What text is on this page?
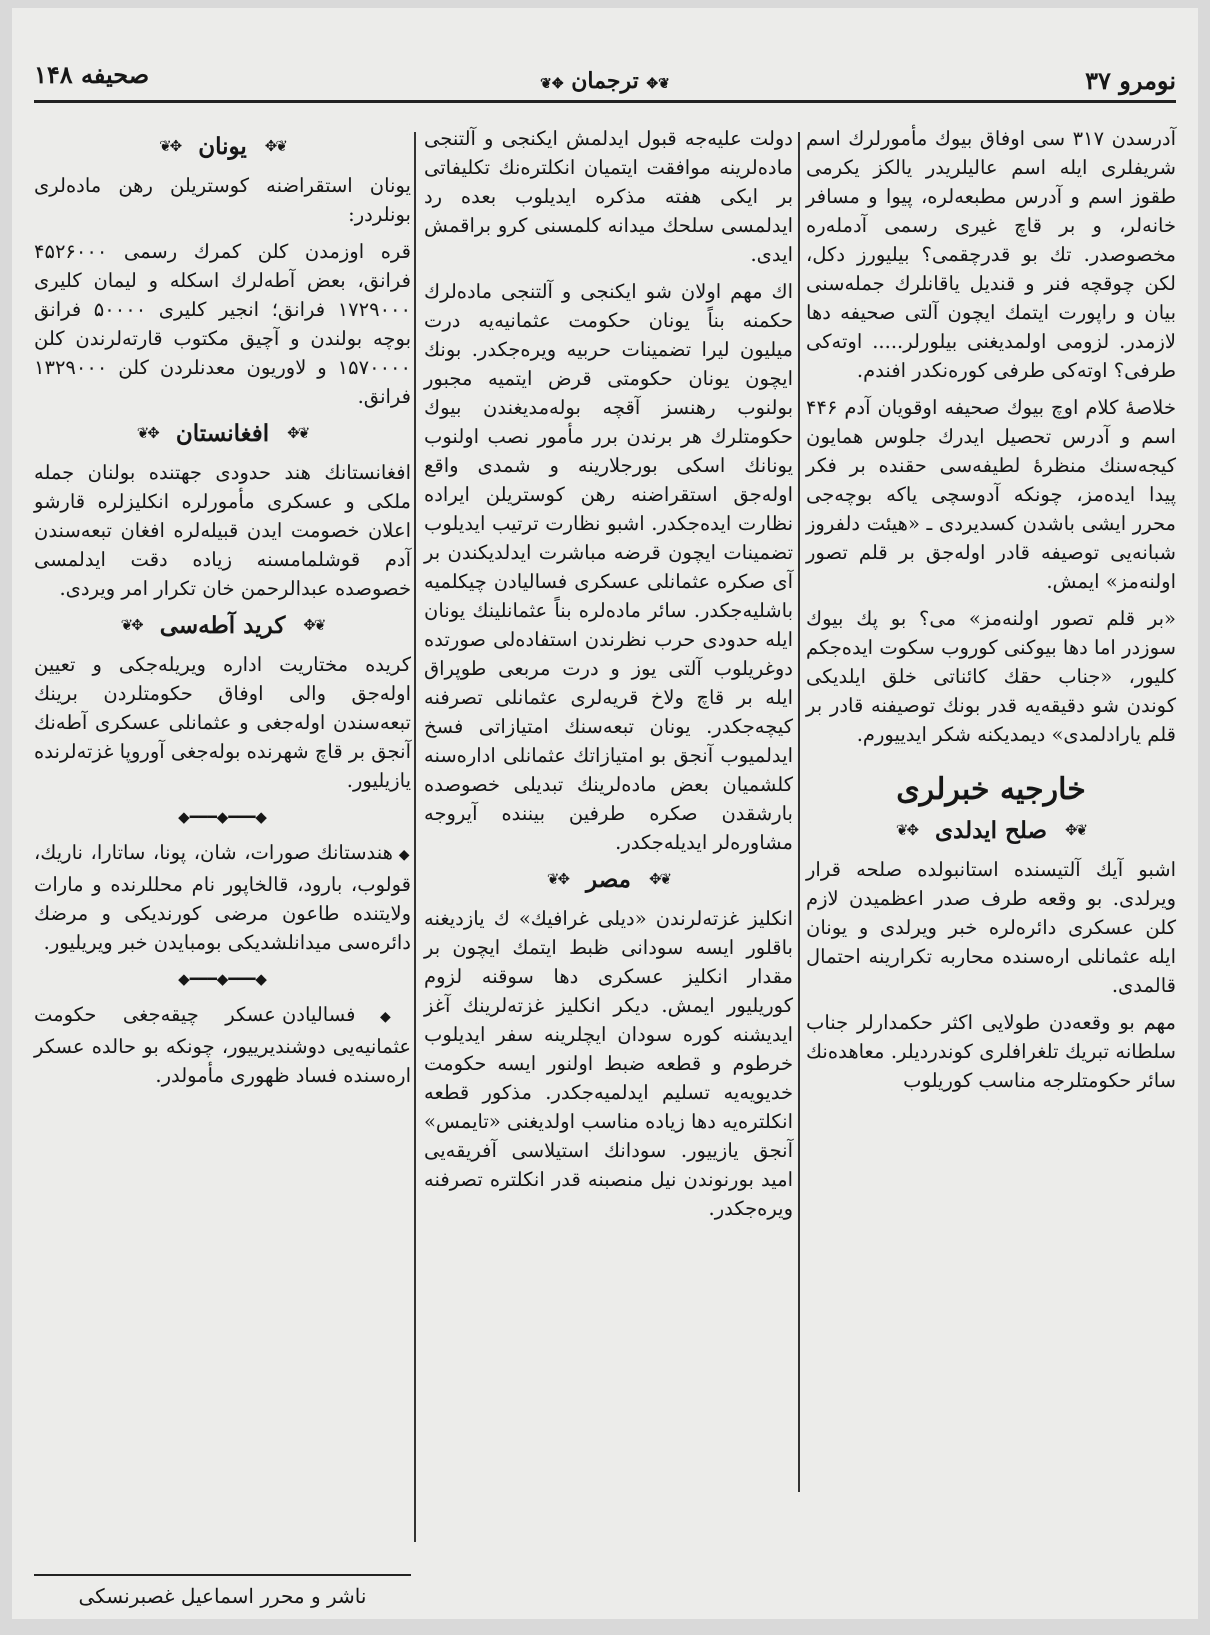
نومرو ۳۷
❦✥ ترجمان ✥❦
صحیفه ۱۴۸

آدرسدن ۳۱۷ سی اوفاق بیوك مأمورلرك اسم شریفلری ایله اسم عالیلریدر یالکز یکرمی طقوز اسم و آدرس مطبعه‌لره، پیوا و مسافر خانه‌لر، و بر قاچ غیری رسمی آدمله‌ره مخصوصدر. تك بو قدرچقمی؟ بیلیورز دکل، لکن چوقچه فنر و قندیل یاقانلرك جمله‌سنی بیان و راپورت ایتمك ایچون آلتی صحیفه دها لازمدر. لزومی اولمدیغنی بیلورلر..... اوته‌کی طرفی؟ اوته‌کی طرفی کوره‌نکدر افندم.

خلاصهٔ کلام اوچ بیوك صحیفه اوقویان آدم ۴۴۶ اسم و آدرس تحصیل ایدرك جلوس همایون کیجه‌سنك منظرهٔ لطیفه‌سی حقنده بر فکر پیدا ایده‌مز، چونکه آدوسچی یاکه بوچه‌جی محرر ایشی باشدن کسدیردی ـ «هیئت دلفروز شبانه‌یی توصیفه قادر اوله‌جق بر قلم تصور اولنه‌مز» ایمش.

«بر قلم تصور اولنه‌مز» می؟ بو پك بیوك سوزدر اما دها بیوکنی کوروب سکوت ایده‌جکم کلیور، «جناب حقك کائناتی خلق ایلدیکی کوندن شو دقیقه‌یه قدر بونك توصیفنه قادر بر قلم یارادلمدی» دیمدیکنه شکر ایدییورم.

خارجیه خبرلری
❦✥
صلح ایدلدی
✥❦

اشبو آیك آلتیسنده استانبولده صلحه قرار ویرلدی. بو وقعه طرف صدر اعظمیدن لازم کلن عسکری دائره‌لره خبر ویرلدی و یونان ایله عثمانلی اره‌سنده محاربه تکرارینه احتمال قالمدی.

مهم بو وقعه‌دن طولایی اکثر حکمدارلر جناب سلطانه تبریك تلغرافلری کوندردیلر. معاهده‌نك سائر حکومتلرجه مناسب کوریلوب

دولت علیه‌جه قبول ایدلمش ایکنجی و آلتنجی ماده‌لرینه موافقت ایتمیان انکلتره‌نك تکلیفاتی بر ایکی هفته مذکره ایدیلوب بعده رد ایدلمسی سلحك میدانه کلمسنی کرو براقمش ایدی.

اك مهم اولان شو ایکنجی و آلتنجی ماده‌لرك حکمنه بناً یونان حکومت عثمانیه‌یه درت میلیون لیرا تضمینات حربیه ویره‌جکدر. بونك ایچون یونان حکومتی قرض ایتمیه مجبور بولنوب رهنسز آقچه بوله‌مدیغندن بیوك حکومتلرك هر برندن برر مأمور نصب اولنوب یونانك اسکی بورجلارینه و شمدی واقع اوله‌جق استقراضنه رهن کوستریلن ایراده نظارت ایده‌جکدر. اشبو نظارت ترتیب ایدیلوب تضمینات ایچون قرضه مباشرت ایدلدیکندن بر آی صکره عثمانلی عسکری فسالیادن چیکلمیه باشلیه‌جکدر. سائر ماده‌لره بناً عثمانلینك یونان ایله حدودی حرب نظرندن استفاده‌لی صورتده دوغریلوب آلتی یوز و درت مربعی طوپراق ایله بر قاچ ولاخ قریه‌لری عثمانلی تصرفنه کیچه‌جکدر. یونان تبعه‌سنك امتیازاتی فسخ ایدلمیوب آنجق بو امتیازاتك عثمانلی اداره‌سنه کلشمیان بعض ماده‌لرینك تبدیلی خصوصده بارشقدن صکره طرفین بیننده آیروجه مشاوره‌لر ایدیله‌جکدر.

❦✥
مصر
✥❦

انکلیز غزته‌لرندن «دیلی غرافیك» ك یازدیغنه باقلور ایسه سودانی ظبط ایتمك ایچون بر مقدار انکلیز عسکری دها سوقنه لزوم کوریلیور ایمش. دیکر انکلیز غزته‌لرینك آغز ایدیشنه کوره سودان ایچلرینه سفر ایدیلوب خرطوم و قطعه ضبط اولنور ایسه حکومت خدیویه‌یه تسلیم ایدلمیه‌جکدر. مذکور قطعه انکلتره‌یه دها زیاده مناسب اولدیغنی «تایمس» آنجق یازییور. سودانك استیلاسی آفریقه‌یی امید بورنوندن نیل منصبنه قدر انکلتره تصرفنه ویره‌جکدر.

❦✥
یونان
✥❦

یونان استقراضنه کوستریلن رهن ماده‌لری بونلردر:

قره اوزمدن کلن کمرك رسمی ۴۵۲۶۰۰۰ فرانق، بعض آطه‌لرك اسکله و لیمان کلیری ۱۷۲۹۰۰۰ فرانق؛ انجیر کلیری ۵۰۰۰۰ فرانق بوچه بولندن و آچیق مکتوب قارته‌لرندن کلن ۱۵۷۰۰۰۰ و لاوریون معدنلردن کلن ۱۳۲۹۰۰۰ فرانق.

❦✥
افغانستان
✥❦

افغانستانك هند حدودی جهتنده بولنان جمله ملکی و عسکری مأمورلره انکلیزلره قارشو اعلان خصومت ایدن قبیله‌لره افغان تبعه‌سندن آدم قوشلمامسنه زیاده دقت ایدلمسی خصوصده عبدالرحمن خان تکرار امر ویردی.

❦✥
کرید آطه‌سی
✥❦

کریده مختاریت اداره ویریله‌جکی و تعیین اوله‌جق والی اوفاق حکومتلردن برینك تبعه‌سندن اوله‌جغی و عثمانلی عسکری آطه‌نك آنجق بر قاچ شهرنده بوله‌جغی آوروپا غزته‌لرنده یازیلیور.

◆━━━◆━━━◆

◆ هندستانك صورات، شان، پونا، ساتارا، ناریك، قولوب، بارود، قالخاپور نام محللرنده و مارات ولایتنده طاعون مرضی کورندیکی و مرضك دائره‌سی میدانلشدیکی بومبایدن خبر ویریلیور.

◆━━━◆━━━◆

◆ فسالیادن عسکر چیقه‌جغی حکومت عثمانیه‌یی دوشندیرییور، چونکه بو حالده عسکر اره‌سنده فساد ظهوری مأمولدر.

ناشر و محرر اسماعیل غصبرنسکی
